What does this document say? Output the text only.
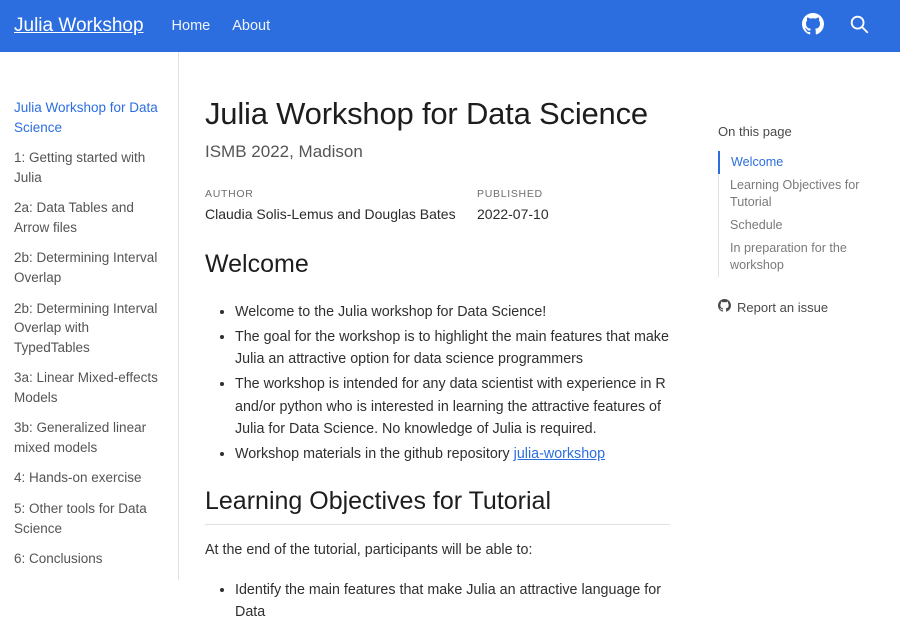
Julia Workshop Home About
Julia Workshop for Data Science
1: Getting started with Julia
2a: Data Tables and Arrow files
2b: Determining Interval Overlap
2b: Determining Interval Overlap with TypedTables
3a: Linear Mixed-effects Models
3b: Generalized linear mixed models
4: Hands-on exercise
5: Other tools for Data Science
6: Conclusions
Julia Workshop for Data Science

ISMB 2022, Madison

AUTHOR
Claudia Solis-Lemus and Douglas Bates
PUBLISHED
2022-07-10
Welcome
• Welcome to the Julia workshop for Data Science!
• The goal for the workshop is to highlight the main features that make Julia an attractive option for data science programmers
• The workshop is intended for any data scientist with experience in R and/or python who is interested in learning the attractive features of Julia for Data Science. No knowledge of Julia is required.
• Workshop materials in the github repository julia-workshop
Learning Objectives for Tutorial

At the end of the tutorial, participants will be able to:

• Identify the main features that make Julia an attractive language for Data
On this page
Welcome
Learning Objectives for Tutorial
Schedule
In preparation for the workshop
Report an issue
